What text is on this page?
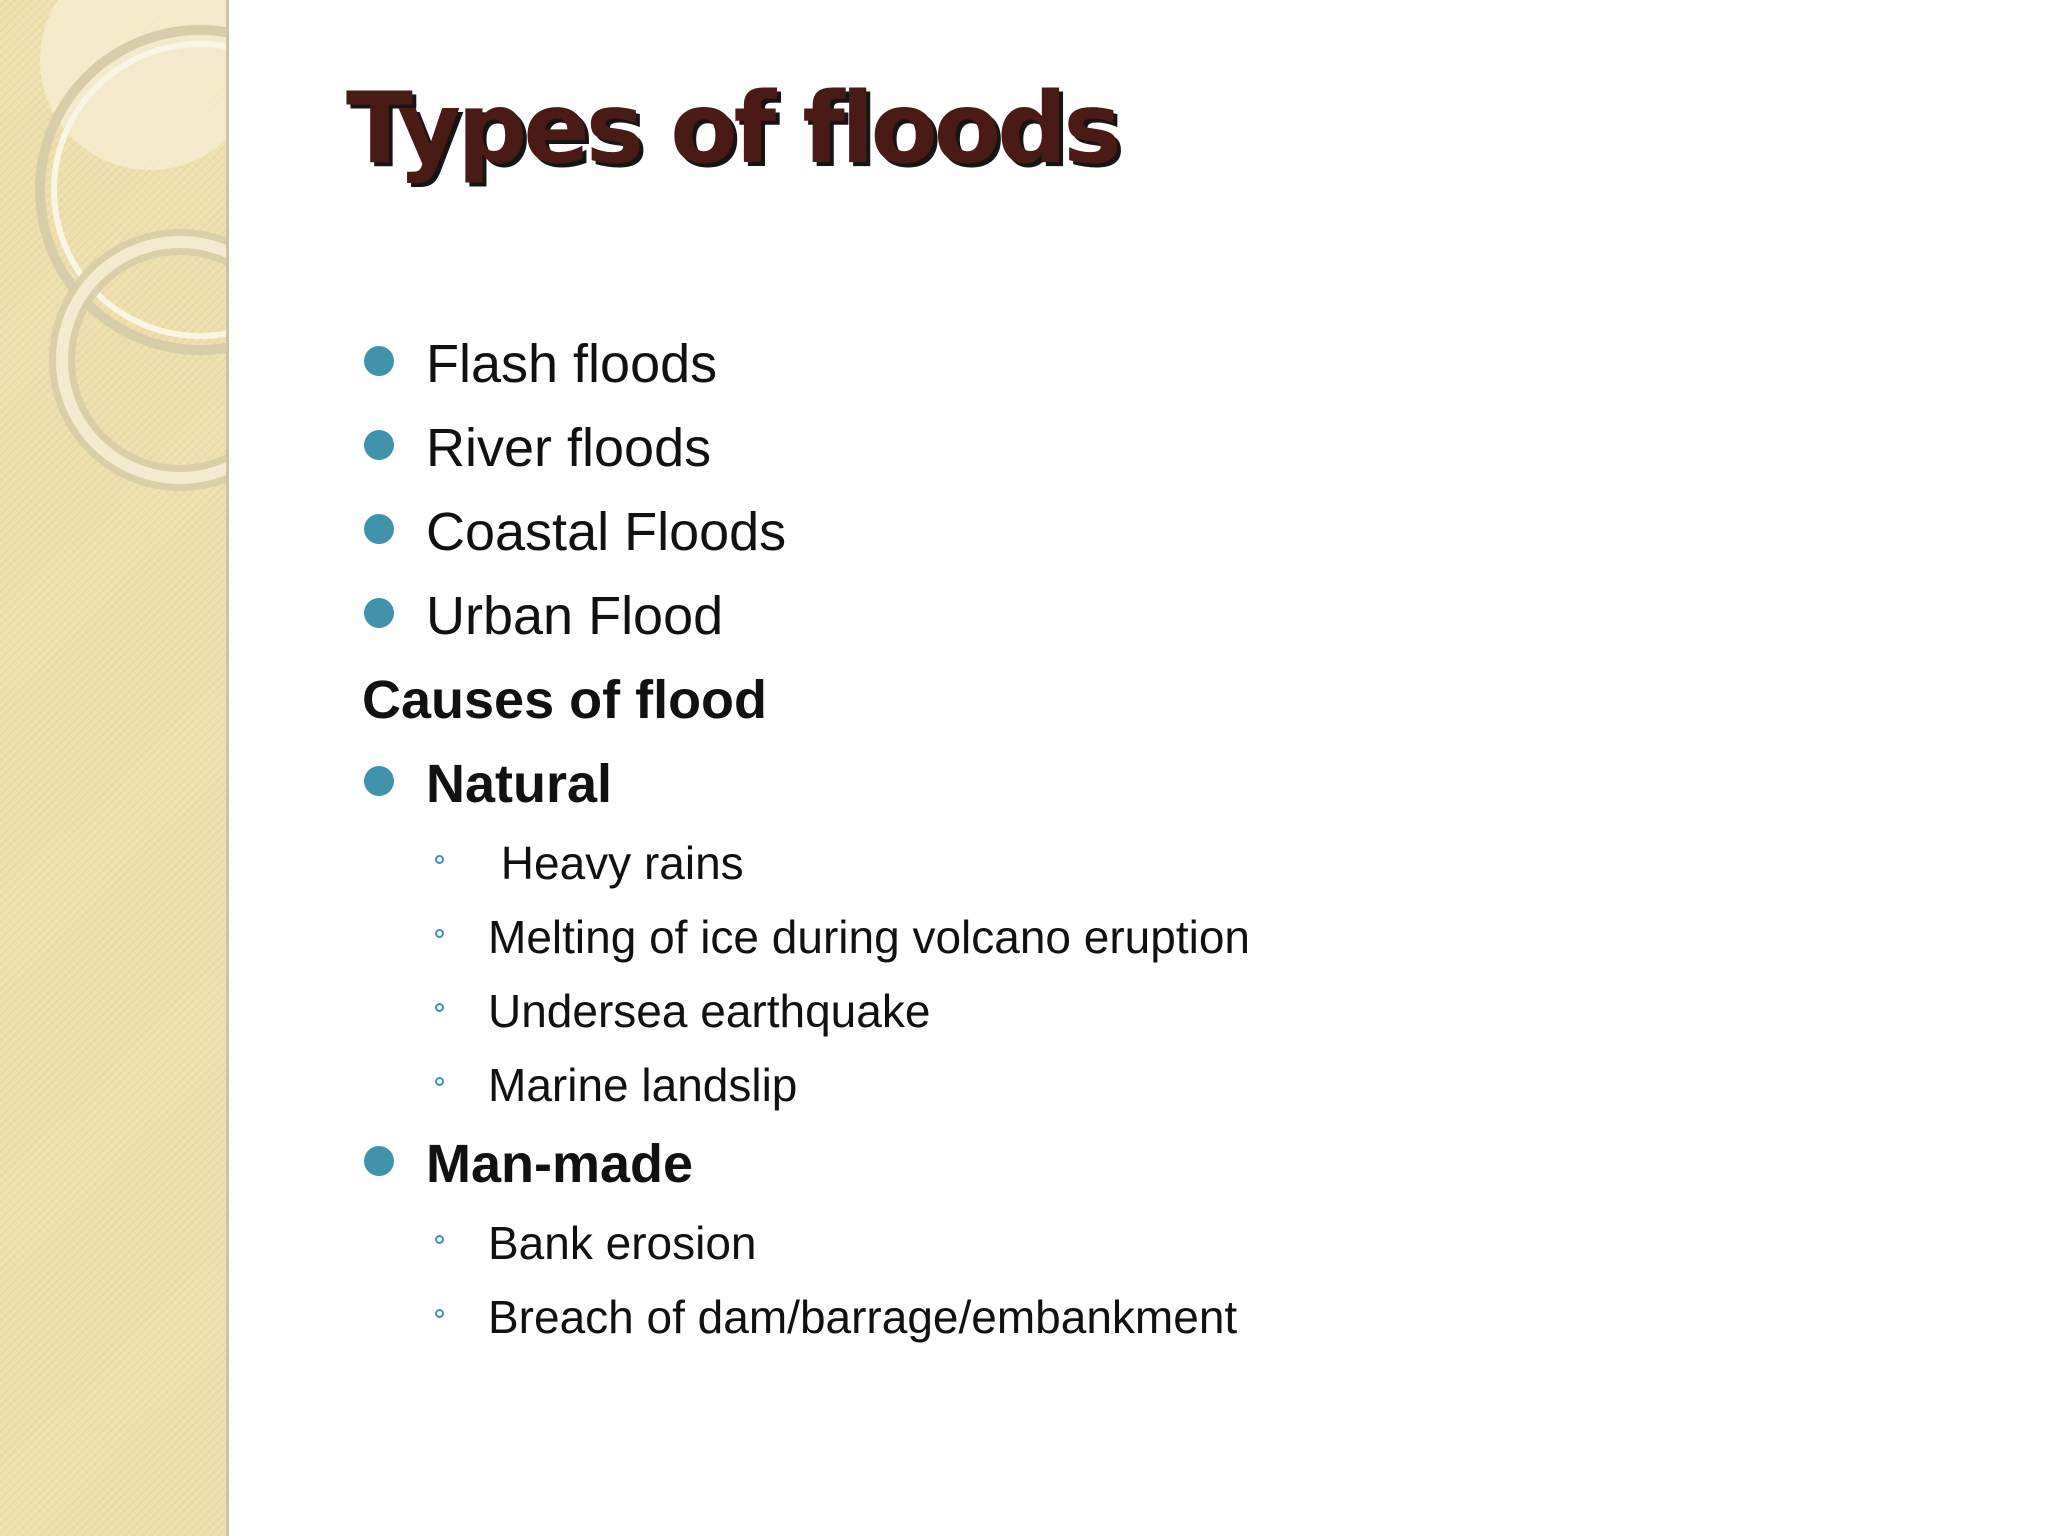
Types of floods
Flash floods
River floods
Coastal Floods
Urban Flood
Causes of flood
Natural
Heavy rains
Melting of ice during volcano eruption
Undersea earthquake
Marine landslip
Man-made
Bank erosion
Breach of dam/barrage/embankment
